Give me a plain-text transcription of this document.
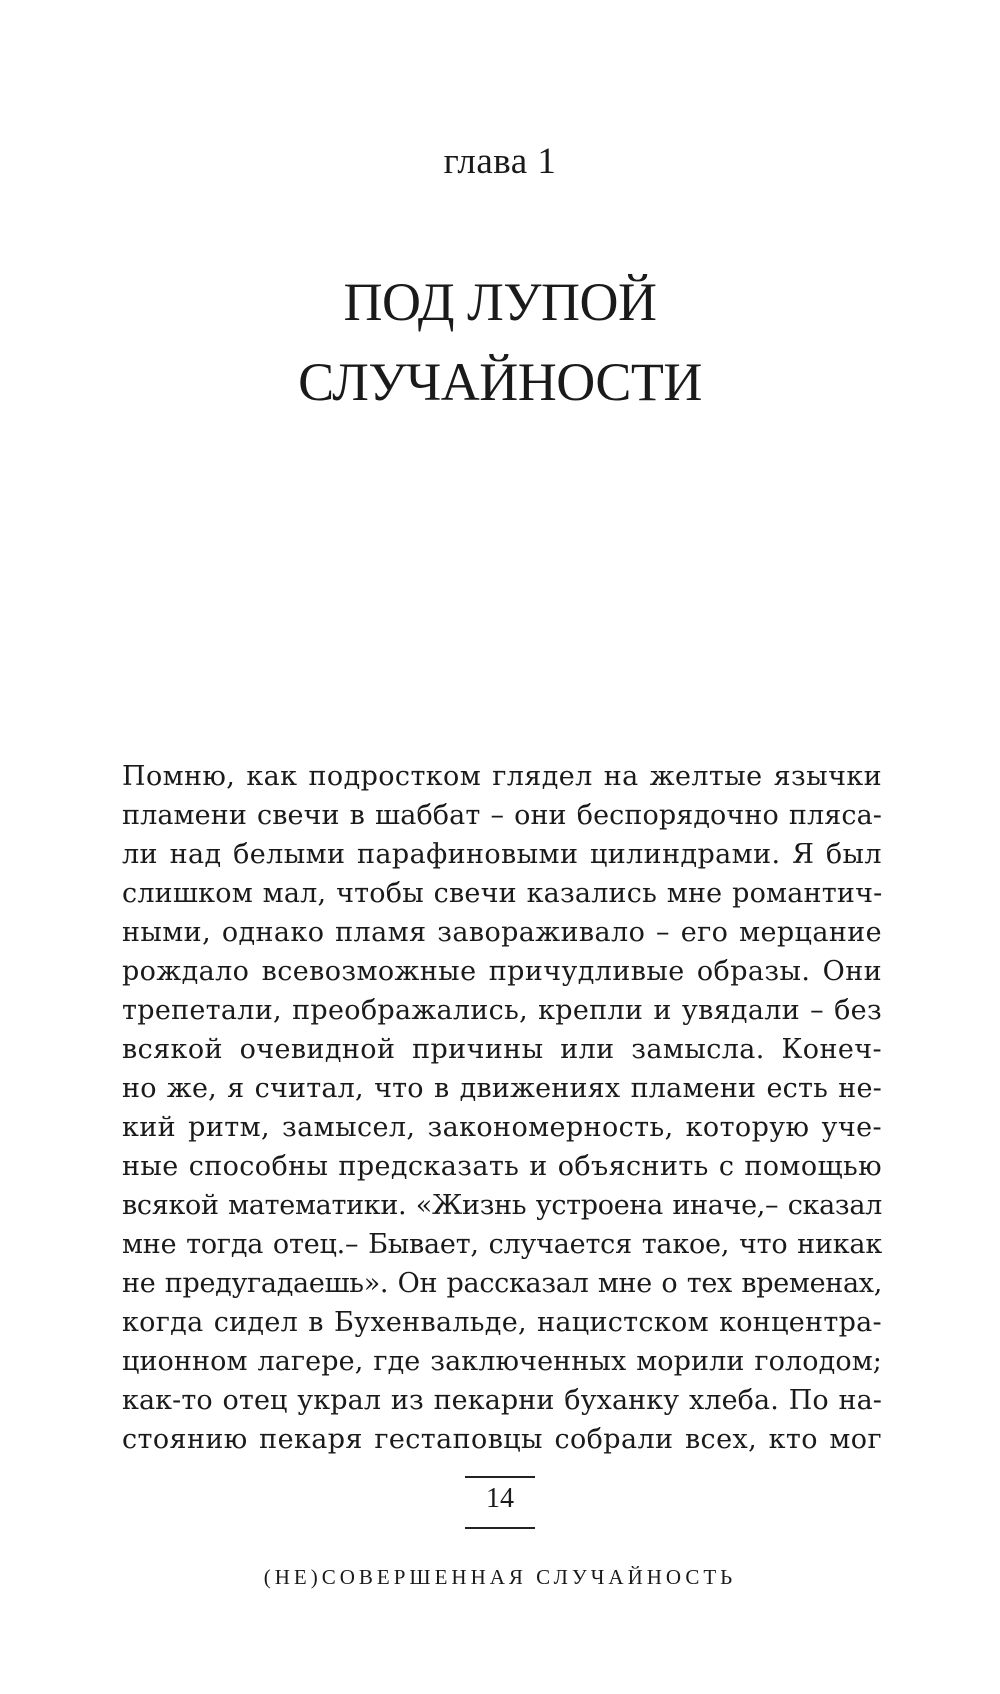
глава 1
ПОД ЛУПОЙ
СЛУЧАЙНОСТИ
Помню, как подростком глядел на желтые язычки
пламени свечи в шаббат – они беспорядочно пляса-
ли над белыми парафиновыми цилиндрами. Я был
слишком мал, чтобы свечи казались мне романтич-
ными, однако пламя завораживало – его мерцание
рождало всевозможные причудливые образы. Они
трепетали, преображались, крепли и увядали – без
всякой очевидной причины или замысла. Конеч-
но же, я считал, что в движениях пламени есть не-
кий ритм, замысел, закономерность, которую уче-
ные способны предсказать и объяснить с помощью
всякой математики. «Жизнь устроена иначе,– сказал
мне тогда отец.– Бывает, случается такое, что никак
не предугадаешь». Он рассказал мне о тех временах,
когда сидел в Бухенвальде, нацистском концентра-
ционном лагере, где заключенных морили голодом;
как-то отец украл из пекарни буханку хлеба. По на-
стоянию пекаря гестаповцы собрали всех, кто мог
14
(НЕ)СОВЕРШЕННАЯ СЛУЧАЙНОСТЬ
